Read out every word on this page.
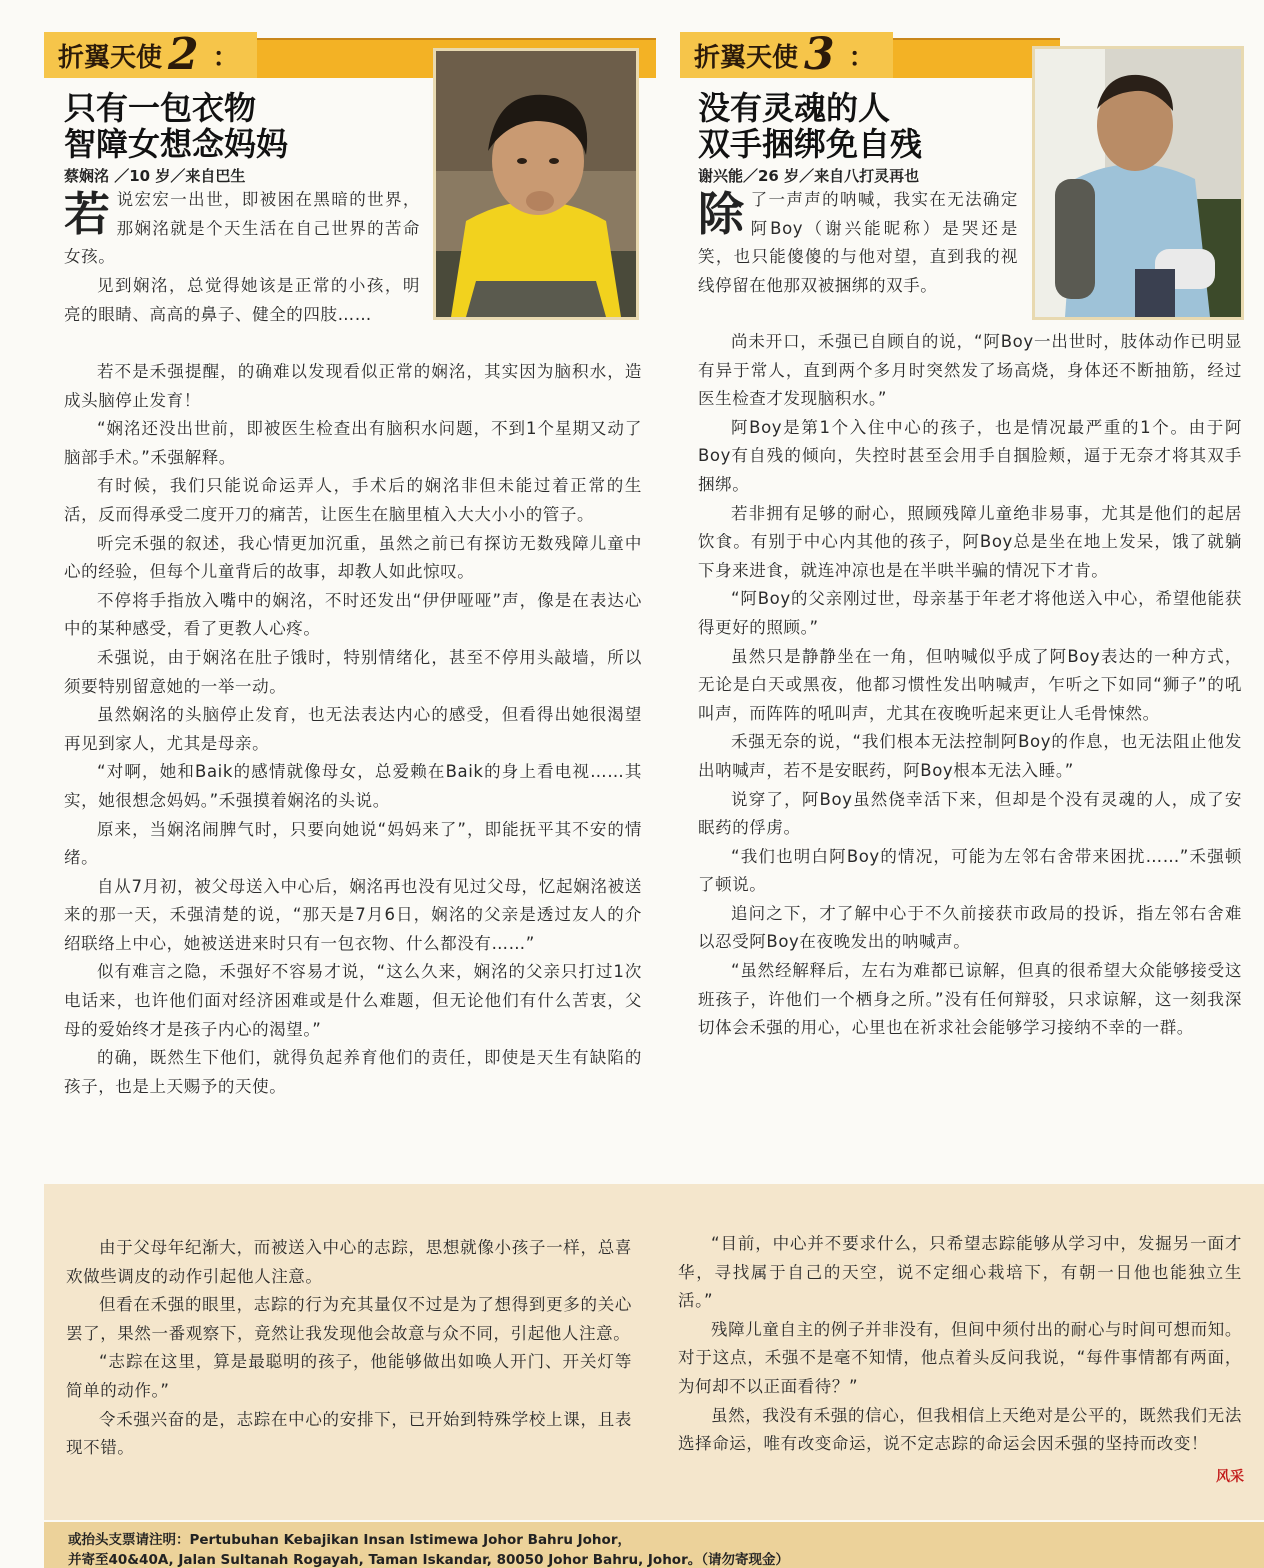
折翼天使 2 ：
只有一包衣物
智障女想念妈妈
蔡娴洺 ／10 岁／来自巴生
若 说宏宏一出世，即被困在黑暗的世界，那娴洺就是个天生活在自己世界的苦命女孩。

见到娴洺，总觉得她该是正常的小孩，明亮的眼睛、高高的鼻子、健全的四肢……

若不是禾强提醒，的确难以发现看似正常的娴洺，其实因为脑积水，造成头脑停止发育！

“娴洺还没出世前，即被医生检查出有脑积水问题，不到1个星期又动了脑部手术。”禾强解释。

有时候，我们只能说命运弄人，手术后的娴洺非但未能过着正常的生活，反而得承受二度开刀的痛苦，让医生在脑里植入大大小小的管子。

听完禾强的叙述，我心情更加沉重，虽然之前已有探访无数残障儿童中心的经验，但每个儿童背后的故事，却教人如此惊叹。

不停将手指放入嘴中的娴洺，不时还发出“伊伊哑哑”声，像是在表达心中的某种感受，看了更教人心疼。

禾强说，由于娴洺在肚子饿时，特别情绪化，甚至不停用头敲墙，所以须要特别留意她的一举一动。

虽然娴洺的头脑停止发育，也无法表达内心的感受，但看得出她很渴望再见到家人，尤其是母亲。

“对啊，她和Baik的感情就像母女，总爱赖在Baik的身上看电视……其实，她很想念妈妈。”禾强摸着娴洺的头说。

原来，当娴洺闹脾气时，只要向她说“妈妈来了”，即能抚平其不安的情绪。

自从7月初，被父母送入中心后，娴洺再也没有见过父母，忆起娴洺被送来的那一天，禾强清楚的说，“那天是7月6日，娴洺的父亲是透过友人的介绍联络上中心，她被送进来时只有一包衣物、什么都没有……”

似有难言之隐，禾强好不容易才说，“这么久来，娴洺的父亲只打过1次电话来，也许他们面对经济困难或是什么难题，但无论他们有什么苦衷，父母的爱始终才是孩子内心的渴望。”

的确，既然生下他们，就得负起养育他们的责任，即使是天生有缺陷的孩子，也是上天赐予的天使。

折翼天使 3 ：
没有灵魂的人
双手捆绑免自残
谢兴能／26 岁／来自八打灵再也
除 了一声声的呐喊，我实在无法确定阿Boy（谢兴能昵称）是哭还是笑，也只能傻傻的与他对望，直到我的视线停留在他那双被捆绑的双手。

尚未开口，禾强已自顾自的说，“阿Boy一出世时，肢体动作已明显有异于常人，直到两个多月时突然发了场高烧，身体还不断抽筋，经过医生检查才发现脑积水。”

阿Boy是第1个入住中心的孩子，也是情况最严重的1个。由于阿Boy有自残的倾向，失控时甚至会用手自掴脸颊，逼于无奈才将其双手捆绑。

若非拥有足够的耐心，照顾残障儿童绝非易事，尤其是他们的起居饮食。有别于中心内其他的孩子，阿Boy总是坐在地上发呆，饿了就躺下身来进食，就连冲凉也是在半哄半骗的情况下才肯。

“阿Boy的父亲刚过世，母亲基于年老才将他送入中心，希望他能获得更好的照顾。”

虽然只是静静坐在一角，但呐喊似乎成了阿Boy表达的一种方式，无论是白天或黑夜，他都习惯性发出呐喊声，乍听之下如同“狮子”的吼叫声，而阵阵的吼叫声，尤其在夜晚听起来更让人毛骨悚然。

禾强无奈的说，“我们根本无法控制阿Boy的作息，也无法阻止他发出呐喊声，若不是安眠药，阿Boy根本无法入睡。”

说穿了，阿Boy虽然侥幸活下来，但却是个没有灵魂的人，成了安眠药的俘虏。

“我们也明白阿Boy的情况，可能为左邻右舍带来困扰……”禾强顿了顿说。

追问之下，才了解中心于不久前接获市政局的投诉，指左邻右舍难以忍受阿Boy在夜晚发出的呐喊声。

“虽然经解释后，左右为难都已谅解，但真的很希望大众能够接受这班孩子，许他们一个栖身之所。”没有任何辩驳，只求谅解，这一刻我深切体会禾强的用心，心里也在祈求社会能够学习接纳不幸的一群。

由于父母年纪渐大，而被送入中心的志踪，思想就像小孩子一样，总喜欢做些调皮的动作引起他人注意。

但看在禾强的眼里，志踪的行为充其量仅不过是为了想得到更多的关心罢了，果然一番观察下，竟然让我发现他会故意与众不同，引起他人注意。

“志踪在这里，算是最聪明的孩子，他能够做出如唤人开门、开关灯等简单的动作。”

令禾强兴奋的是，志踪在中心的安排下，已开始到特殊学校上课，且表现不错。

“目前，中心并不要求什么，只希望志踪能够从学习中，发掘另一面才华，寻找属于自己的天空，说不定细心栽培下，有朝一日他也能独立生活。”

残障儿童自主的例子并非没有，但间中须付出的耐心与时间可想而知。对于这点，禾强不是毫不知情，他点着头反问我说，“每件事情都有两面，为何却不以正面看待？”

虽然，我没有禾强的信心，但我相信上天绝对是公平的，既然我们无法选择命运，唯有改变命运，说不定志踪的命运会因禾强的坚持而改变！

风采
或抬头支票请注明：Pertubuhan Kebajikan Insan Istimewa Johor Bahru Johor，
并寄至40&40A, Jalan Sultanah Rogayah, Taman Iskandar, 80050 Johor Bahru, Johor。（请勿寄现金）
